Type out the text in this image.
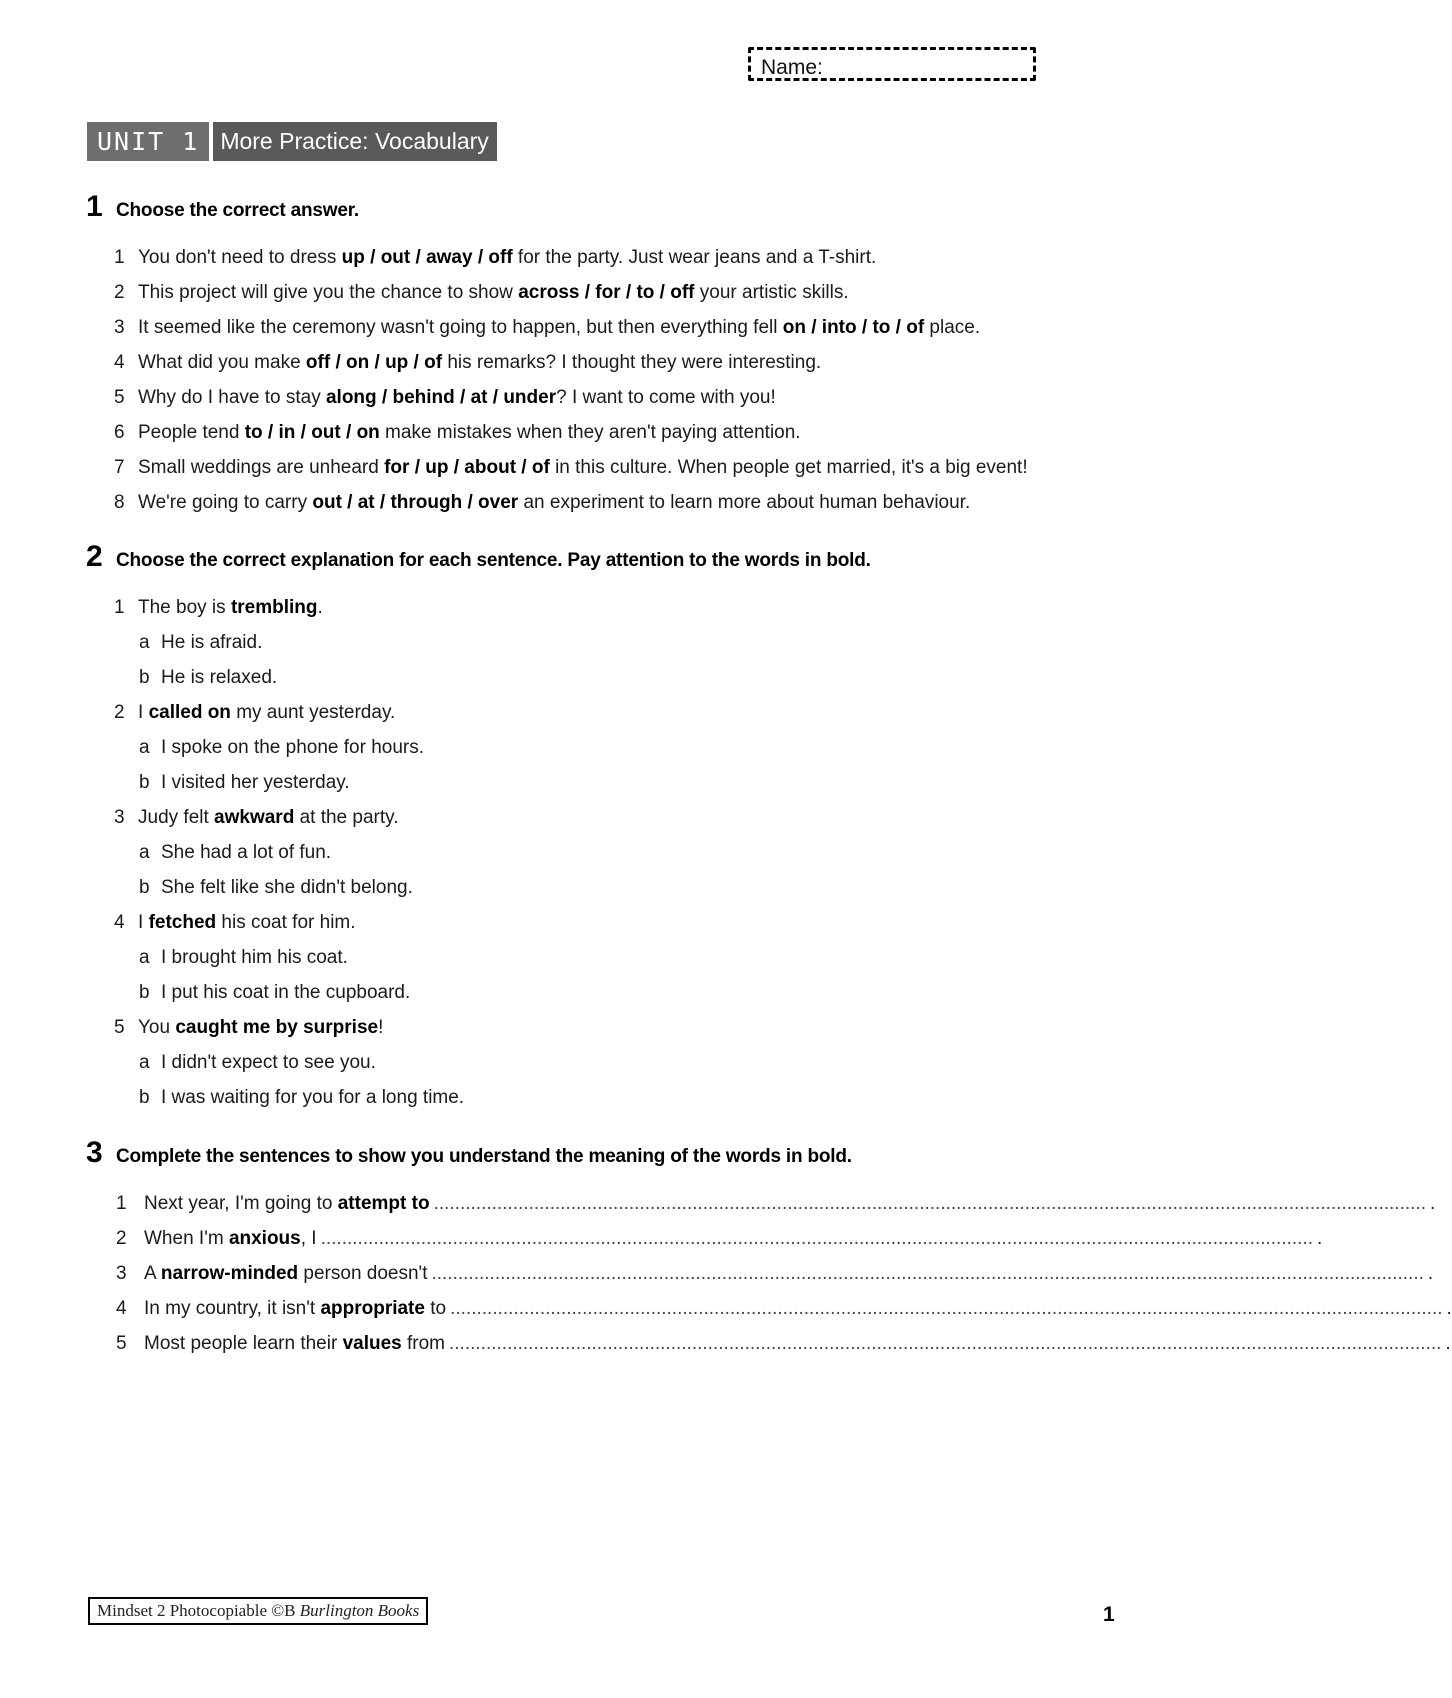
Name:
UNIT 1 More Practice: Vocabulary
1 Choose the correct answer.
1 You don't need to dress up / out / away / off for the party. Just wear jeans and a T-shirt.
2 This project will give you the chance to show across / for / to / off your artistic skills.
3 It seemed like the ceremony wasn't going to happen, but then everything fell on / into / to / of place.
4 What did you make off / on / up / of his remarks? I thought they were interesting.
5 Why do I have to stay along / behind / at / under? I want to come with you!
6 People tend to / in / out / on make mistakes when they aren't paying attention.
7 Small weddings are unheard for / up / about / of in this culture. When people get married, it's a big event!
8 We're going to carry out / at / through / over an experiment to learn more about human behaviour.
2 Choose the correct explanation for each sentence. Pay attention to the words in bold.
1 The boy is trembling.
a He is afraid.
b He is relaxed.
2 I called on my aunt yesterday.
a I spoke on the phone for hours.
b I visited her yesterday.
3 Judy felt awkward at the party.
a She had a lot of fun.
b She felt like she didn't belong.
4 I fetched his coat for him.
a I brought him his coat.
b I put his coat in the cupboard.
5 You caught me by surprise!
a I didn't expect to see you.
b I was waiting for you for a long time.
3 Complete the sentences to show you understand the meaning of the words in bold.
1 Next year, I'm going to attempt to ............................................................................................................................................................................................ .
2 When I'm anxious, I ............................................................................................................................................................................................ .
3 A narrow-minded person doesn't ............................................................................................................................................................................................ .
4 In my country, it isn't appropriate to ............................................................................................................................................................................................ .
5 Most people learn their values from ............................................................................................................................................................................................ .
Mindset 2 Photocopiable ©B Burlington Books	1
